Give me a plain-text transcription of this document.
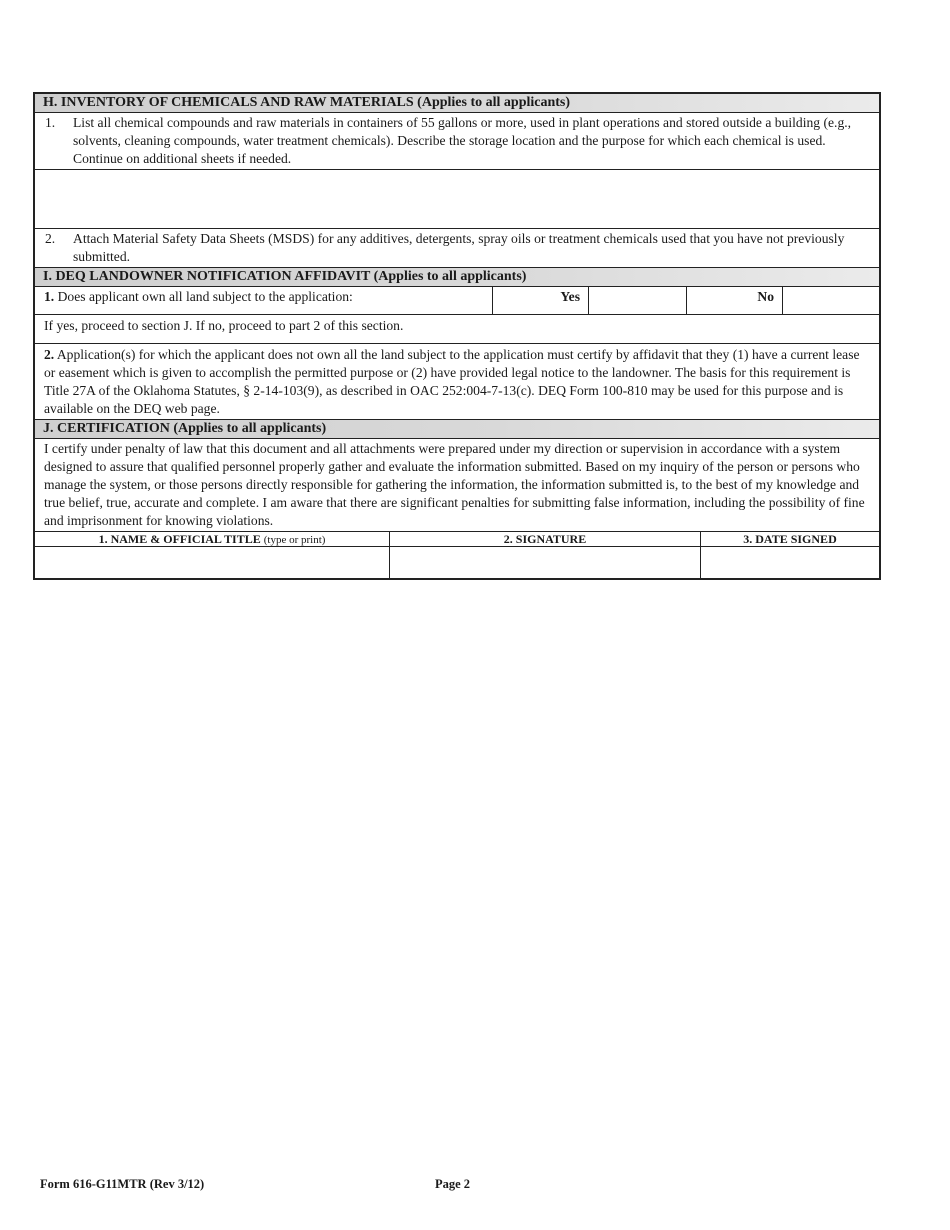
H. INVENTORY OF CHEMICALS AND RAW MATERIALS (Applies to all applicants)
1.	List all chemical compounds and raw materials in containers of 55 gallons or more, used in plant operations and stored outside a building (e.g., solvents, cleaning compounds, water treatment chemicals). Describe the storage location and the purpose for which each chemical is used. Continue on additional sheets if needed.
2.	Attach Material Safety Data Sheets (MSDS) for any additives, detergents, spray oils or treatment chemicals used that you have not previously submitted.
I. DEQ LANDOWNER NOTIFICATION AFFIDAVIT (Applies to all applicants)
1. Does applicant own all land subject to the application:	Yes	No
If yes, proceed to section J. If no, proceed to part 2 of this section.
2. Application(s) for which the applicant does not own all the land subject to the application must certify by affidavit that they (1) have a current lease or easement which is given to accomplish the permitted purpose or (2) have provided legal notice to the landowner. The basis for this requirement is Title 27A of the Oklahoma Statutes, § 2-14-103(9), as described in OAC 252:004-7-13(c). DEQ Form 100-810 may be used for this purpose and is available on the DEQ web page.
J. CERTIFICATION (Applies to all applicants)
I certify under penalty of law that this document and all attachments were prepared under my direction or supervision in accordance with a system designed to assure that qualified personnel properly gather and evaluate the information submitted. Based on my inquiry of the person or persons who manage the system, or those persons directly responsible for gathering the information, the information submitted is, to the best of my knowledge and true belief, true, accurate and complete. I am aware that there are significant penalties for submitting false information, including the possibility of fine and imprisonment for knowing violations.
1. NAME & OFFICIAL TITLE (type or print)	2. SIGNATURE	3. DATE SIGNED
Form 616-G11MTR (Rev 3/12)	Page 2
